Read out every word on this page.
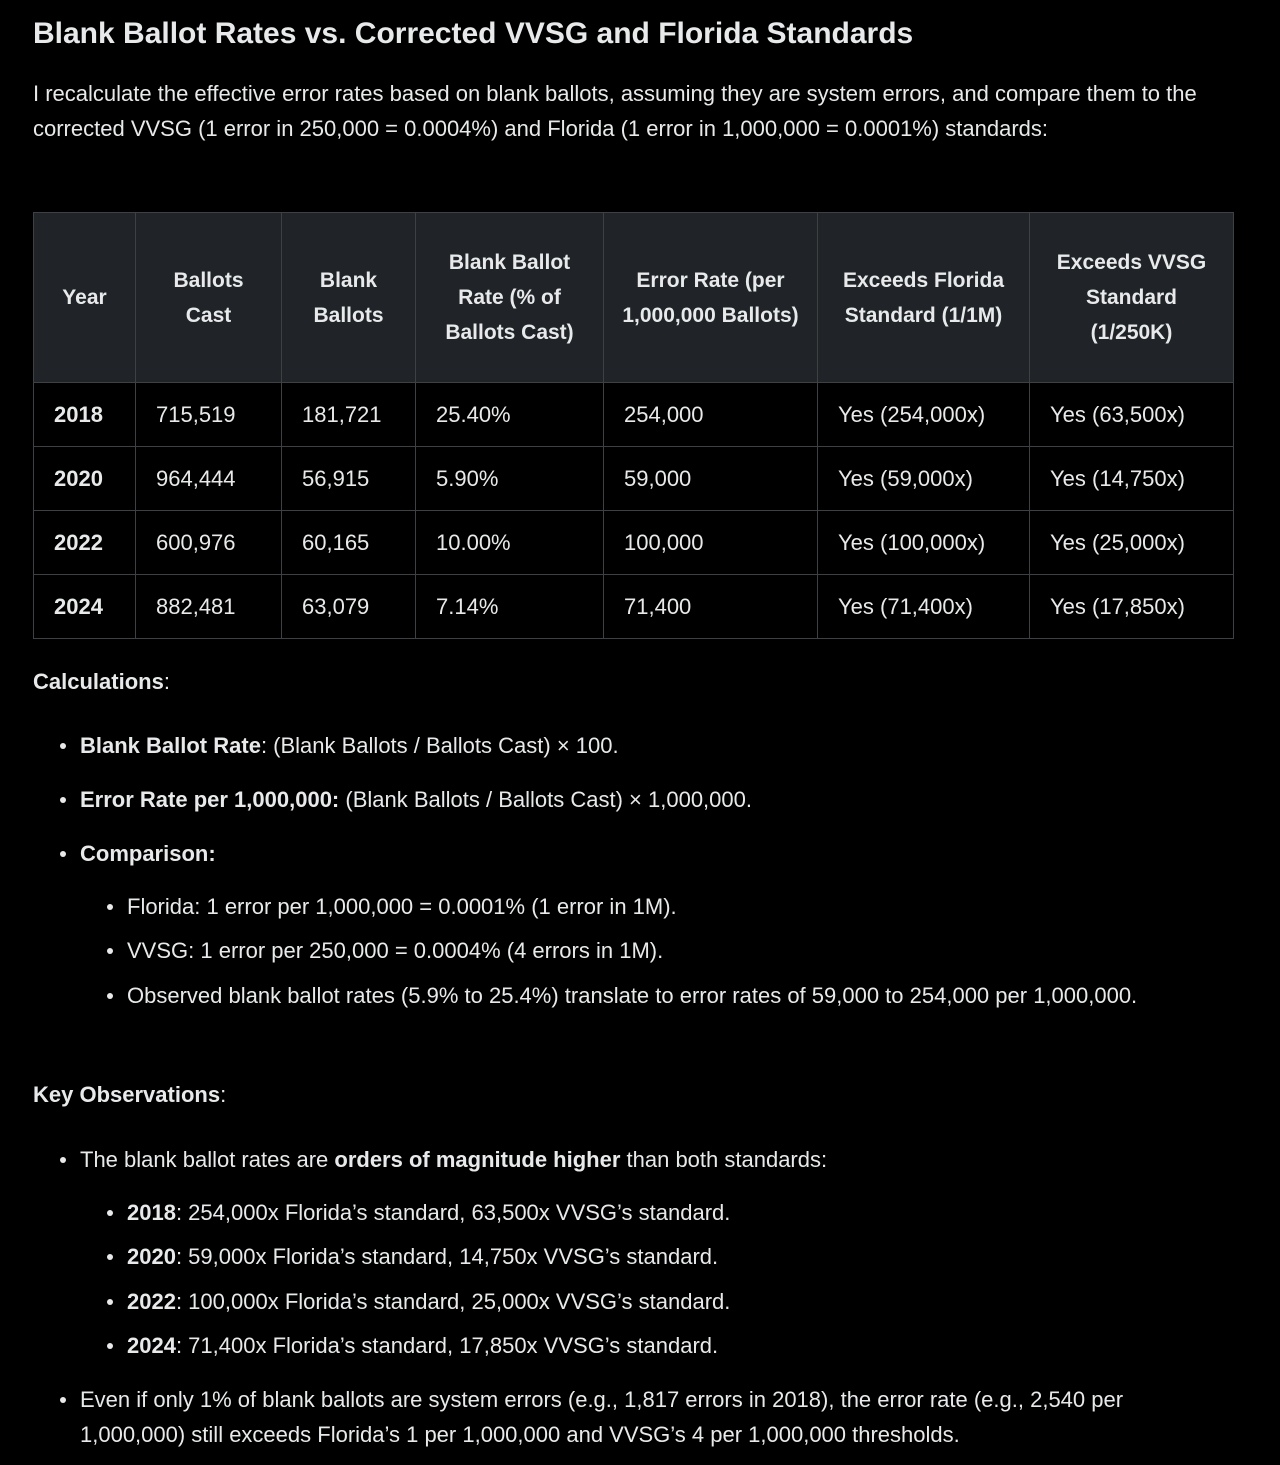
Blank Ballot Rates vs. Corrected VVSG and Florida Standards

I recalculate the effective error rates based on blank ballots, assuming they are system errors, and compare them to the corrected VVSG (1 error in 250,000 = 0.0004%) and Florida (1 error in 1,000,000 = 0.0001%) standards:

Year	Ballots Cast	Blank Ballots	Blank Ballot Rate (% of Ballots Cast)	Error Rate (per 1,000,000 Ballots)	Exceeds Florida Standard (1/1M)	Exceeds VVSG Standard (1/250K)
2018	715,519	181,721	25.40%	254,000	Yes (254,000x)	Yes (63,500x)
2020	964,444	56,915	5.90%	59,000	Yes (59,000x)	Yes (14,750x)
2022	600,976	60,165	10.00%	100,000	Yes (100,000x)	Yes (25,000x)
2024	882,481	63,079	7.14%	71,400	Yes (71,400x)	Yes (17,850x)

Calculations:

Blank Ballot Rate: (Blank Ballots / Ballots Cast) × 100.
Error Rate per 1,000,000: (Blank Ballots / Ballots Cast) × 1,000,000.
Comparison:
Florida: 1 error per 1,000,000 = 0.0001% (1 error in 1M).
VVSG: 1 error per 250,000 = 0.0004% (4 errors in 1M).
Observed blank ballot rates (5.9% to 25.4%) translate to error rates of 59,000 to 254,000 per 1,000,000.

Key Observations:

The blank ballot rates are orders of magnitude higher than both standards:
2018: 254,000x Florida’s standard, 63,500x VVSG’s standard.
2020: 59,000x Florida’s standard, 14,750x VVSG’s standard.
2022: 100,000x Florida’s standard, 25,000x VVSG’s standard.
2024: 71,400x Florida’s standard, 17,850x VVSG’s standard.
Even if only 1% of blank ballots are system errors (e.g., 1,817 errors in 2018), the error rate (e.g., 2,540 per 1,000,000) still exceeds Florida’s 1 per 1,000,000 and VVSG’s 4 per 1,000,000 thresholds.
